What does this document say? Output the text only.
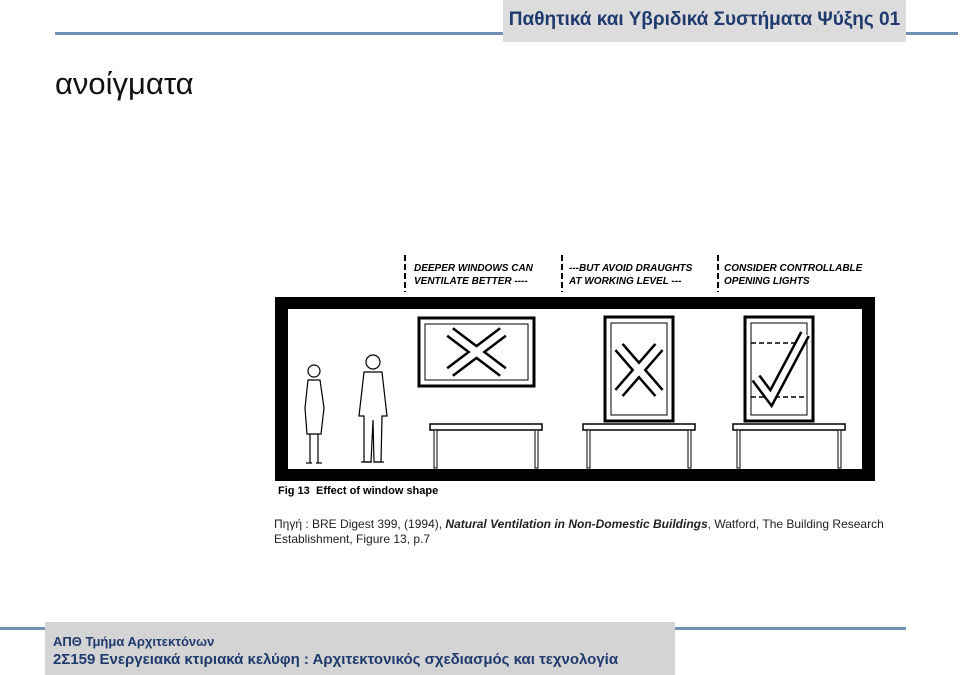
Παθητικά και Υβριδικά Συστήματα Ψύξης 01
ανοίγματα
DEEPER WINDOWS CAN
VENTILATE BETTER ----
---BUT AVOID DRAUGHTS
AT WORKING LEVEL ---
CONSIDER CONTROLLABLE
OPENING LIGHTS
Fig 13 Effect of window shape
Πηγή : BRE Digest 399, (1994), Natural Ventilation in Non-Domestic Buildings, Watford, The Building Research Establishment, Figure 13, p.7
ΑΠΘ Τμήμα Αρχιτεκτόνων
2Σ159 Ενεργειακά κτιριακά κελύφη : Αρχιτεκτονικός σχεδιασμός και τεχνολογία
